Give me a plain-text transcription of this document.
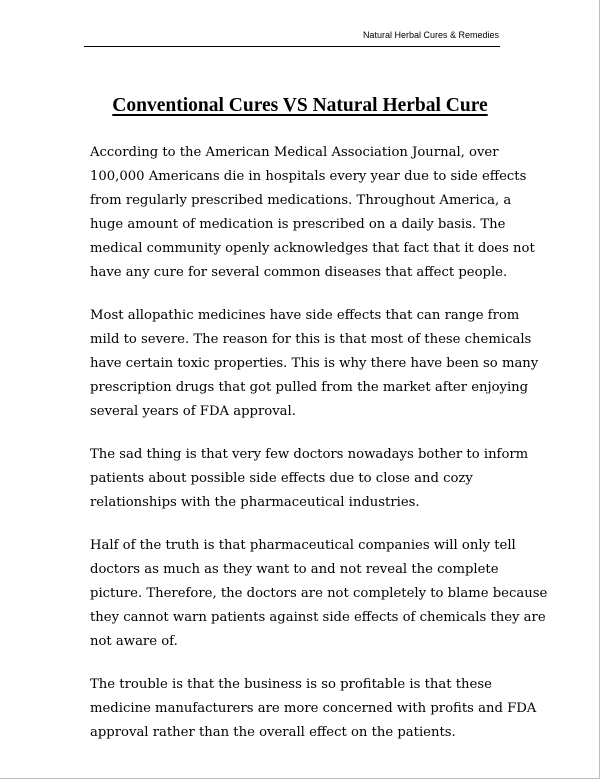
Natural Herbal Cures & Remedies
Conventional Cures VS Natural Herbal Cure

According to the American Medical Association Journal, over
100,000 Americans die in hospitals every year due to side effects
from regularly prescribed medications. Throughout America, a
huge amount of medication is prescribed on a daily basis. The
medical community openly acknowledges that fact that it does not
have any cure for several common diseases that affect people.

Most allopathic medicines have side effects that can range from
mild to severe. The reason for this is that most of these chemicals
have certain toxic properties. This is why there have been so many
prescription drugs that got pulled from the market after enjoying
several years of FDA approval.

The sad thing is that very few doctors nowadays bother to inform
patients about possible side effects due to close and cozy
relationships with the pharmaceutical industries.

Half of the truth is that pharmaceutical companies will only tell
doctors as much as they want to and not reveal the complete
picture. Therefore, the doctors are not completely to blame because
they cannot warn patients against side effects of chemicals they are
not aware of.

The trouble is that the business is so profitable is that these
medicine manufacturers are more concerned with profits and FDA
approval rather than the overall effect on the patients.
